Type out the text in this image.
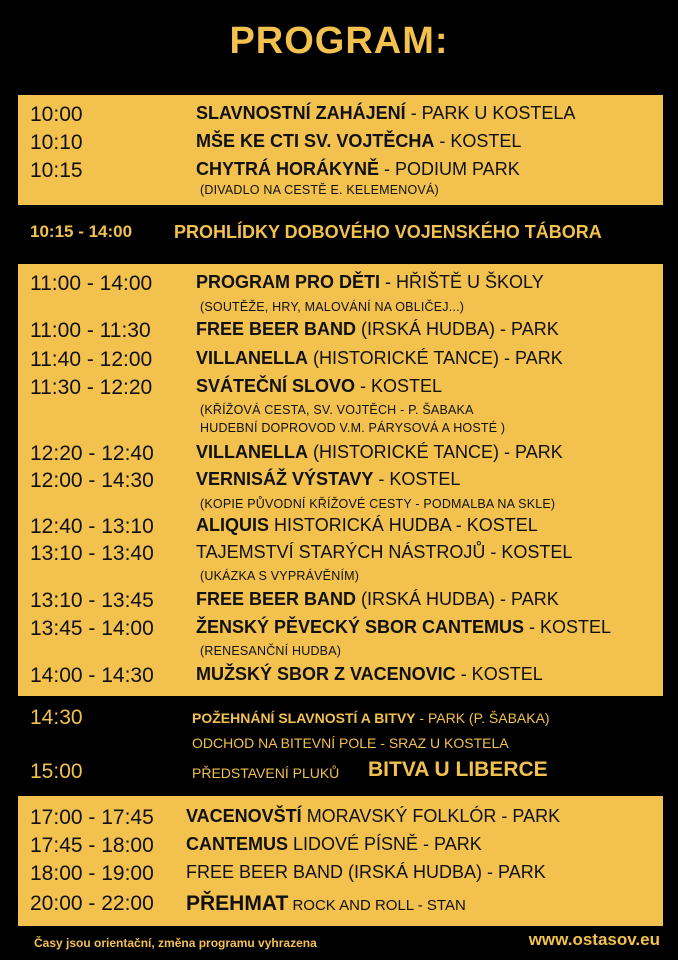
PROGRAM:
10:00	SLAVNOSTNÍ ZAHÁJENÍ - PARK U KOSTELA
10:10	MŠE KE CTI SV. VOJTĚCHA - KOSTEL
10:15	CHYTRÁ HORÁKYNĚ - PODIUM PARK
(DIVADLO NA CESTĚ E. KELEMENOVÁ)
10:15 - 14:00 PROHLÍDKY DOBOVÉHO VOJENSKÉHO TÁBORA
11:00 - 14:00 PROGRAM PRO DĚTI - HŘIŠTĚ U ŠKOLY
(SOUTĚŽE, HRY, MALOVÁNÍ NA OBLIČEJ...)
11:00 - 11:30	FREE BEER BAND (IRSKÁ HUDBA) - PARK
11:40 - 12:00 VILLANELLA (HISTORICKÉ TANCE) - PARK
11:30 - 12:20 SVÁTEČNÍ SLOVO - KOSTEL
(KŘÍŽOVÁ CESTA, SV. VOJTĚCH - P. ŠABAKA
HUDEBNÍ DOPROVOD V.M. PÁRYSOVÁ A HOSTÉ )
12:20 - 12:40 VILLANELLA (HISTORICKÉ TANCE) - PARK
12:00 - 14:30 VERNISÁŽ VÝSTAVY - KOSTEL
(KOPIE PŮVODNÍ KŘÍŽOVÉ CESTY - PODMALBA NA SKLE)
12:40 - 13:10 ALIQUIS HISTORICKÁ HUDBA - KOSTEL
13:10 - 13:40 TAJEMSTVÍ STARÝCH NÁSTROJŮ - KOSTEL
(UKÁZKA S VYPRÁVĚNÍM)
13:10 - 13:45 FREE BEER BAND (IRSKÁ HUDBA) - PARK
13:45 - 14:00 ŽENSKÝ PĚVECKÝ SBOR CANTEMUS - KOSTEL
(RENESANČNÍ HUDBA)
14:00 - 14:30 MUŽSKÝ SBOR Z VACENOVIC - KOSTEL
14:30	POŽEHNÁNÍ SLAVNOSTÍ A BITVY - PARK (P. ŠABAKA)
ODCHOD NA BITEVNÍ POLE - SRAZ U KOSTELA
15:00	PŘEDSTAVENÍ PLUKŮ BITVA U LIBERCE
17:00 - 17:45 VACENOVŠTÍ MORAVSKÝ FOLKLÓR - PARK
17:45 - 18:00 CANTEMUS LIDOVÉ PÍSNĚ - PARK
18:00 - 19:00 FREE BEER BAND (IRSKÁ HUDBA) - PARK
20:00 - 22:00 PŘEHMAT ROCK AND ROLL - STAN
Časy jsou orientační, změna programu vyhrazena	www.ostasov.eu
